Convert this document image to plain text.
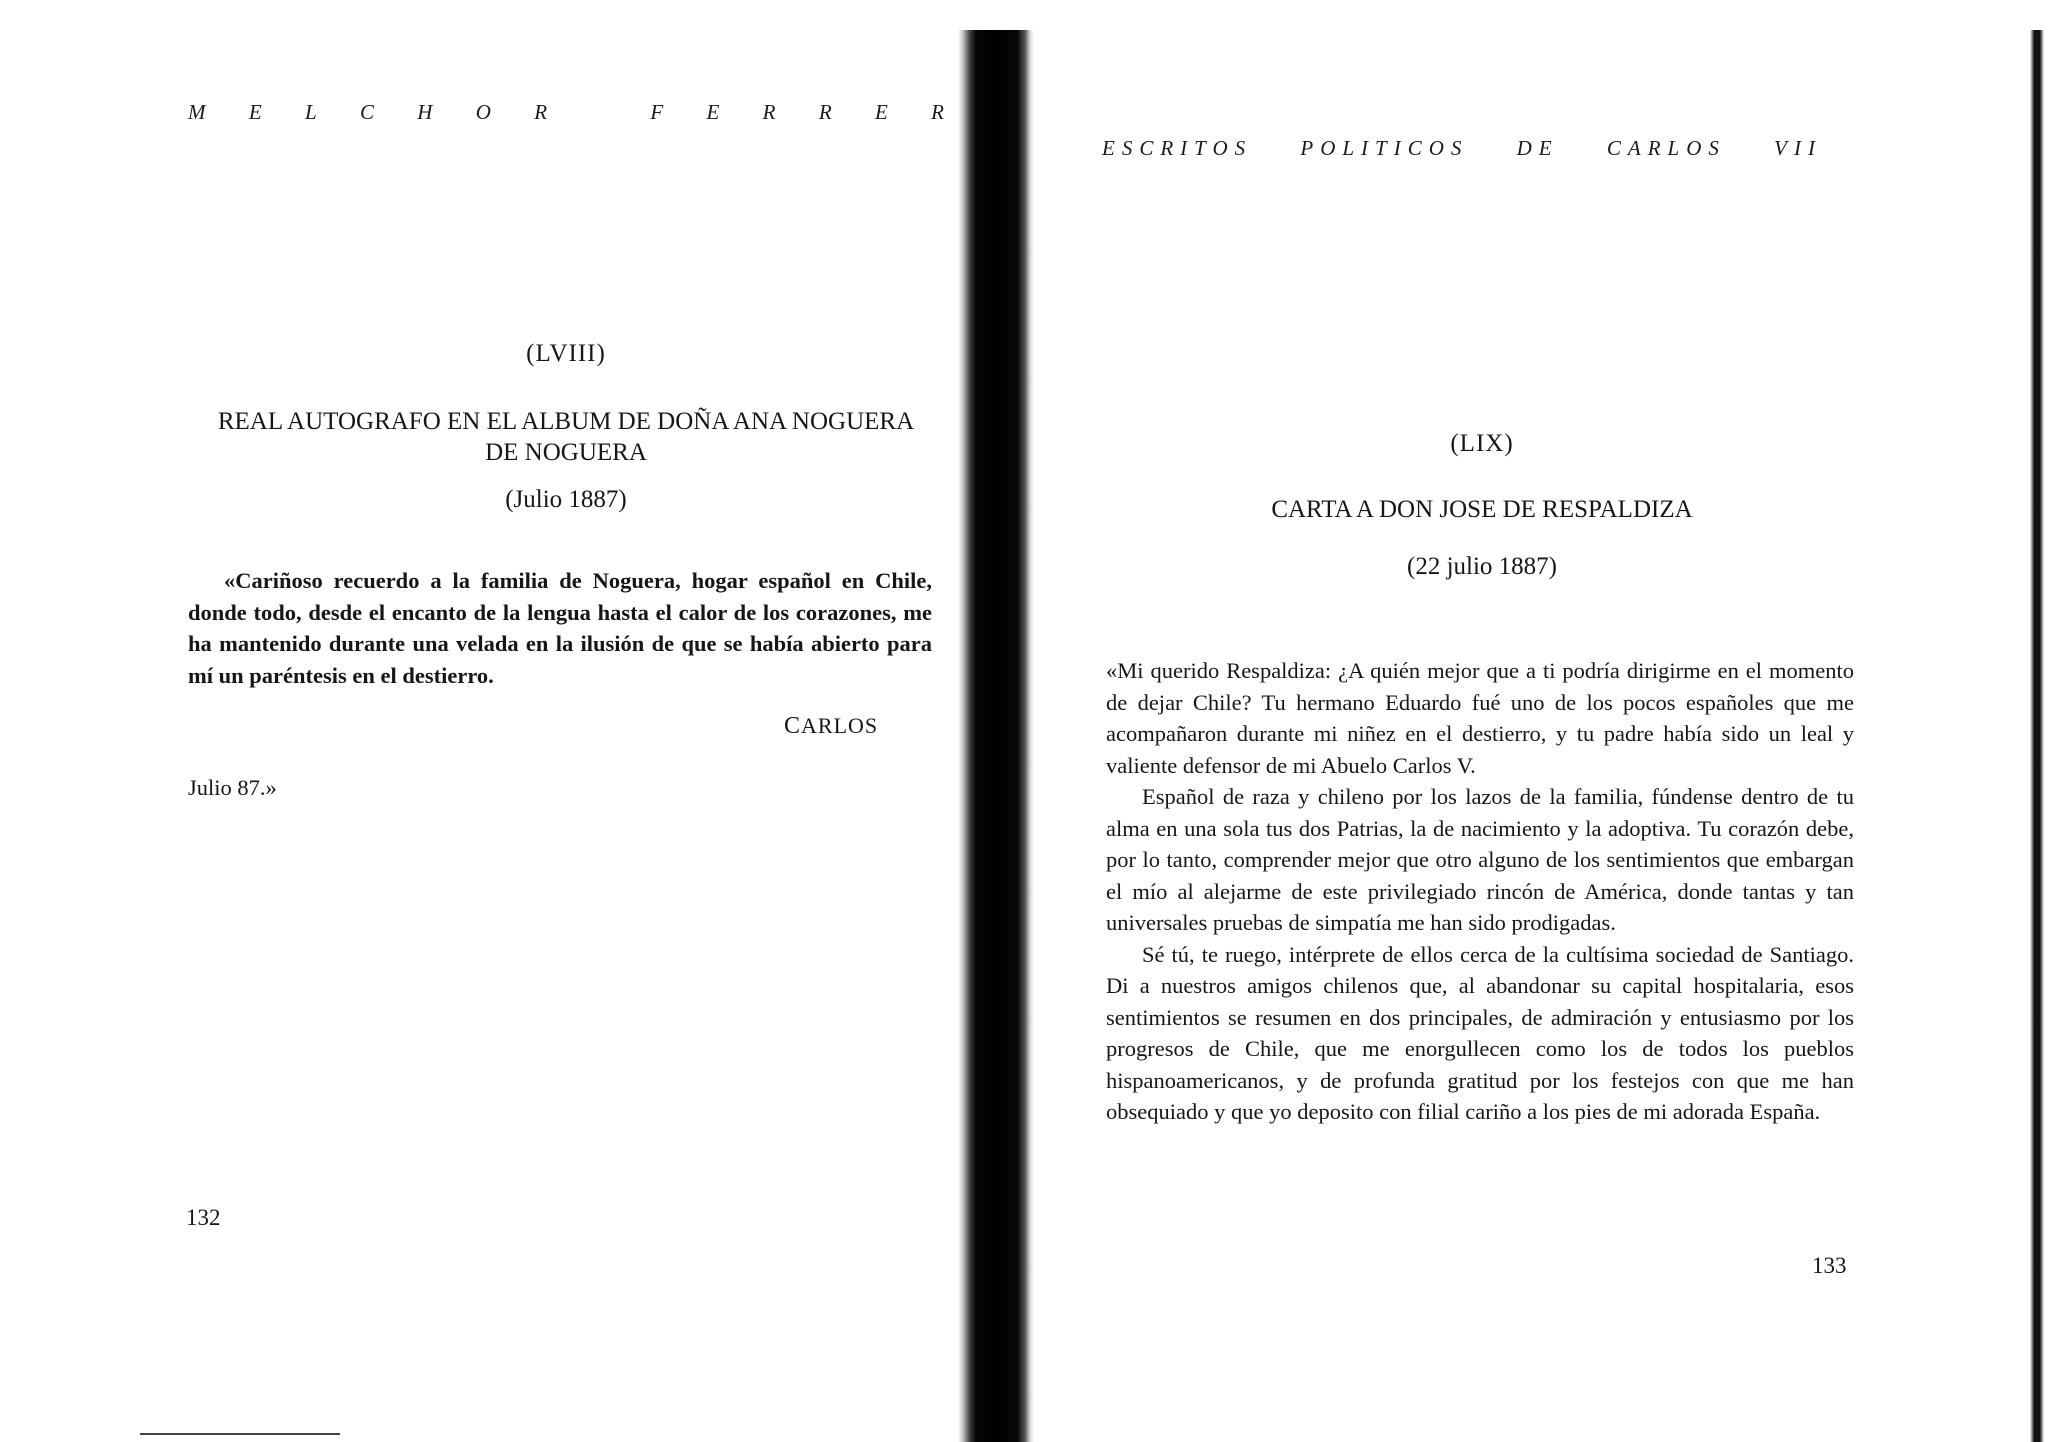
M E L C H O R	F E R R E R
(LVIII)
REAL AUTOGRAFO EN EL ALBUM DE DOÑA ANA NOGUERA
DE NOGUERA
(Julio 1887)
«Cariñoso recuerdo a la familia de Noguera, hogar español en Chile, donde todo, desde el encanto de la lengua hasta el calor de los corazones, me ha mantenido durante una velada en la ilusión de que se había abierto para mí un paréntesis en el destierro.
CARLOS
Julio 87.»
132
ESCRITOS POLITICOS DE CARLOS VII
(LIX)
CARTA A DON JOSE DE RESPALDIZA
(22 julio 1887)

«Mi querido Respaldiza: ¿A quién mejor que a ti podría dirigirme en el momento de dejar Chile? Tu hermano Eduardo fué uno de los pocos españoles que me acompañaron durante mi niñez en el destierro, y tu padre había sido un leal y valiente defensor de mi Abuelo Carlos V.

Español de raza y chileno por los lazos de la familia, fúndense dentro de tu alma en una sola tus dos Patrias, la de nacimiento y la adoptiva. Tu corazón debe, por lo tanto, comprender mejor que otro alguno de los sentimientos que embargan el mío al alejarme de este privilegiado rincón de América, donde tantas y tan universales pruebas de simpatía me han sido prodigadas.

Sé tú, te ruego, intérprete de ellos cerca de la cultísima sociedad de Santiago. Di a nuestros amigos chilenos que, al abandonar su capital hospitalaria, esos sentimientos se resumen en dos principales, de admiración y entusiasmo por los progresos de Chile, que me enorgullecen como los de todos los pueblos hispanoamericanos, y de profunda gratitud por los festejos con que me han obsequiado y que yo deposito con filial cariño a los pies de mi adorada España.

133
